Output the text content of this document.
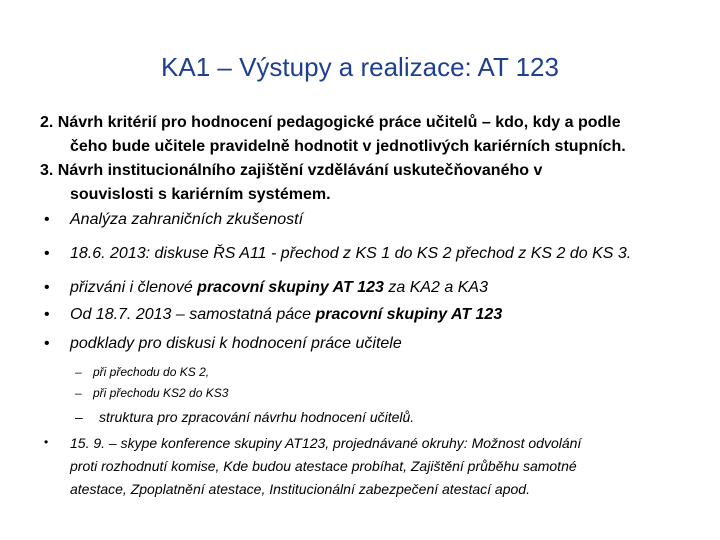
KA1 – Výstupy a realizace: AT 123
2. Návrh kritérií pro hodnocení pedagogické práce učitelů – kdo, kdy a podle
čeho bude učitele pravidelně hodnotit v jednotlivých kariérních stupních.
3. Návrh institucionálního zajištění vzdělávání uskutečňovaného v
souvislosti s kariérním systémem.
• Analýza zahraničních zkušeností
• 18.6. 2013: diskuse ŘS A11 - přechod z KS 1 do KS 2 přechod z KS 2 do KS 3.
• přizváni i členové pracovní skupiny AT 123 za KA2 a KA3
• Od 18.7. 2013 – samostatná páce pracovní skupiny AT 123
• podklady pro diskusi k hodnocení práce učitele
– při přechodu do KS 2,
– při přechodu KS2 do KS3
– struktura pro zpracování návrhu hodnocení učitelů.
• 15. 9. – skype konference skupiny AT123, projednávané okruhy: Možnost odvolání
proti rozhodnutí komise, Kde budou atestace probíhat, Zajištění průběhu samotné
atestace, Zpoplatnění atestace, Institucionální zabezpečení atestací apod.
